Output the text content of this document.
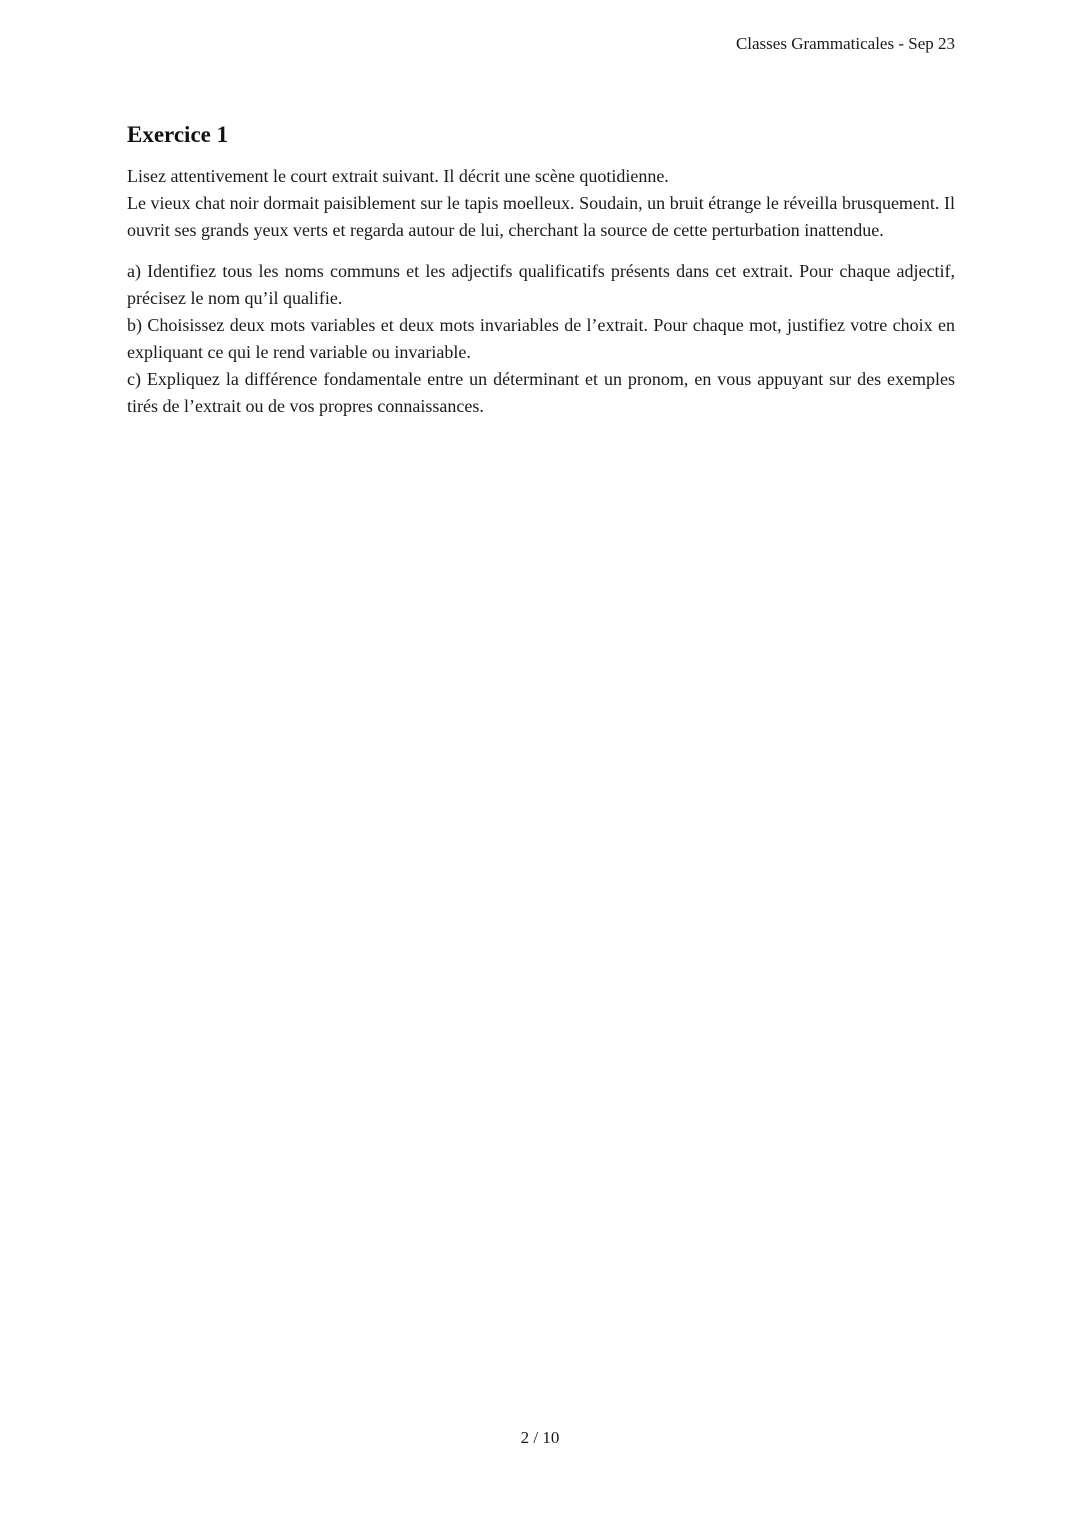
Classes Grammaticales - Sep 23
Exercice 1
Lisez attentivement le court extrait suivant. Il décrit une scène quotidienne.
Le vieux chat noir dormait paisiblement sur le tapis moelleux. Soudain, un bruit étrange le réveilla brusquement. Il ouvrit ses grands yeux verts et regarda autour de lui, cherchant la source de cette perturbation inattendue.
a) Identifiez tous les noms communs et les adjectifs qualificatifs présents dans cet extrait. Pour chaque adjectif, précisez le nom qu’il qualifie.
b) Choisissez deux mots variables et deux mots invariables de l’extrait. Pour chaque mot, justifiez votre choix en expliquant ce qui le rend variable ou invariable.
c) Expliquez la différence fondamentale entre un déterminant et un pronom, en vous appuyant sur des exemples tirés de l’extrait ou de vos propres connaissances.
2 / 10
